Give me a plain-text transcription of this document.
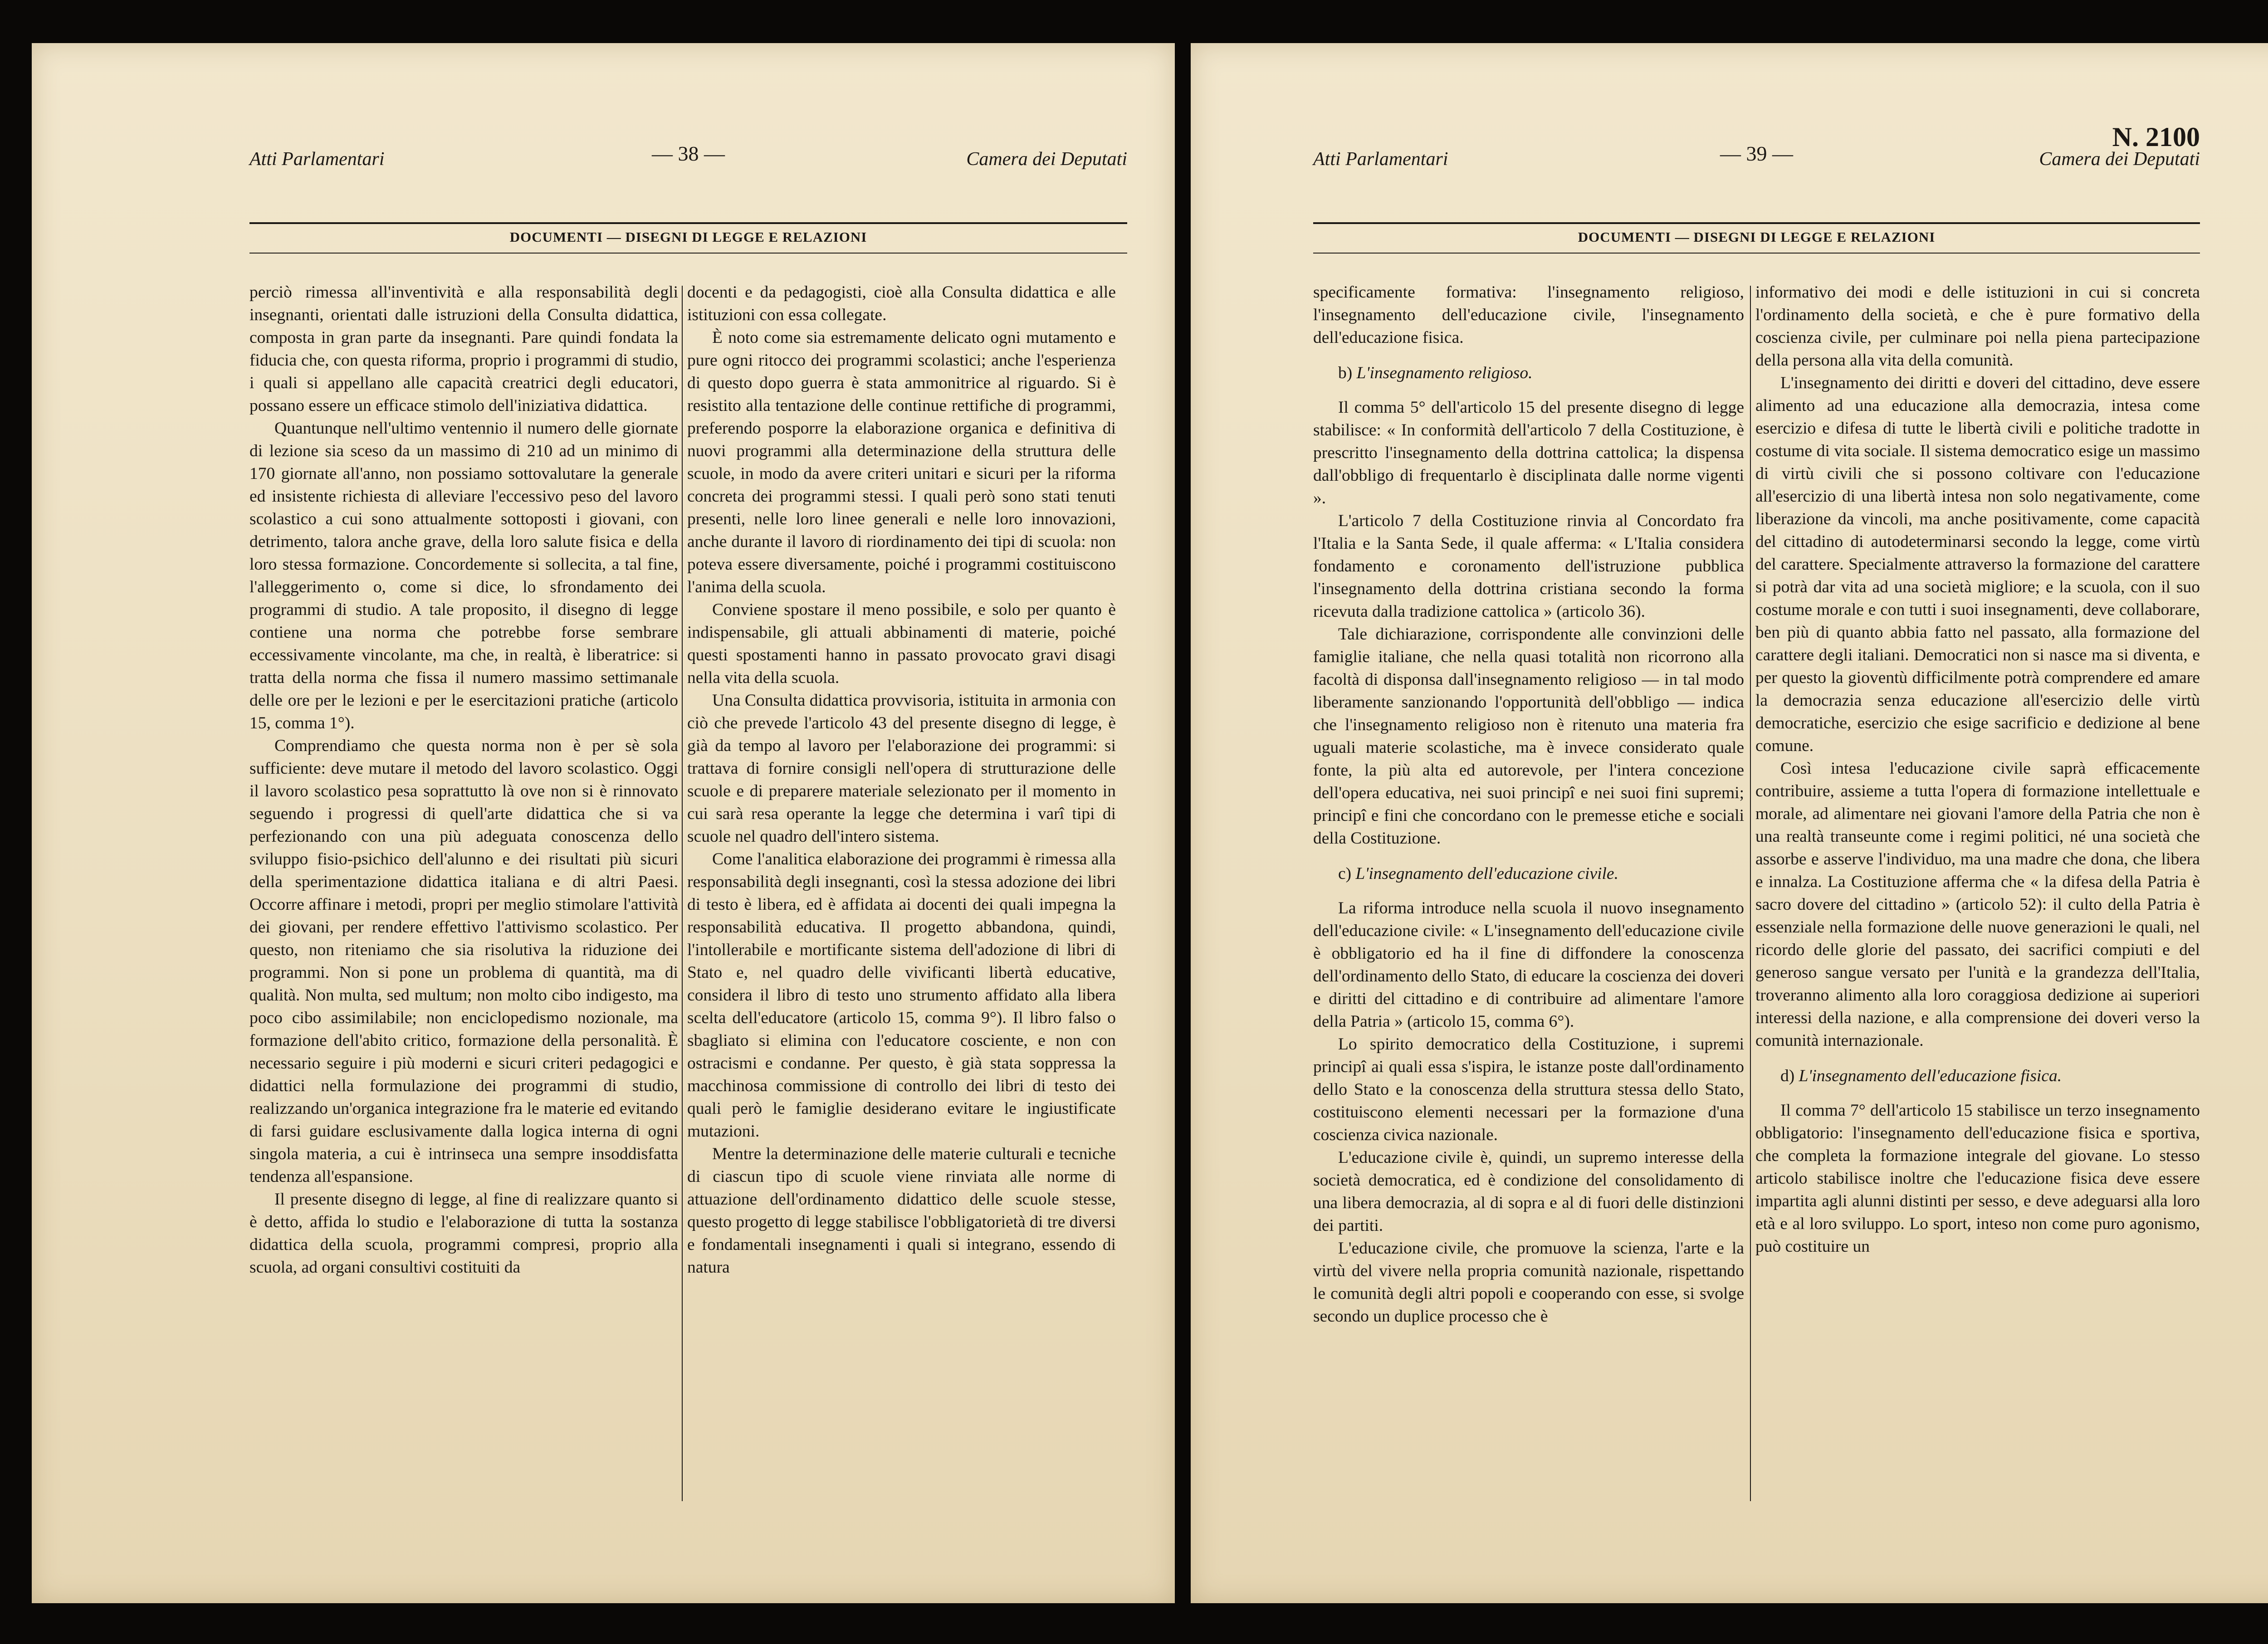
Atti Parlamentari	— 38 —	Camera dei Deputati
DOCUMENTI — DISEGNI DI LEGGE E RELAZIONI

perciò rimessa all'inventività e alla responsabilità degli insegnanti, orientati dalle istruzioni della Consulta didattica, composta in gran parte da insegnanti. Pare quindi fondata la fiducia che, con questa riforma, proprio i programmi di studio, i quali si appellano alle capacità creatrici degli educatori, possano essere un efficace stimolo dell'iniziativa didattica.

Quantunque nell'ultimo ventennio il numero delle giornate di lezione sia sceso da un massimo di 210 ad un minimo di 170 giornate all'anno, non possiamo sottovalutare la generale ed insistente richiesta di alleviare l'eccessivo peso del lavoro scolastico a cui sono attualmente sottoposti i giovani, con detrimento, talora anche grave, della loro salute fisica e della loro stessa formazione. Concordemente si sollecita, a tal fine, l'alleggerimento o, come si dice, lo sfrondamento dei programmi di studio. A tale proposito, il disegno di legge contiene una norma che potrebbe forse sembrare eccessivamente vincolante, ma che, in realtà, è liberatrice: si tratta della norma che fissa il numero massimo settimanale delle ore per le lezioni e per le esercitazioni pratiche (articolo 15, comma 1°).

Comprendiamo che questa norma non è per sè sola sufficiente: deve mutare il metodo del lavoro scolastico. Oggi il lavoro scolastico pesa soprattutto là ove non si è rinnovato seguendo i progressi di quell'arte didattica che si va perfezionando con una più adeguata conoscenza dello sviluppo fisio-psichico dell'alunno e dei risultati più sicuri della sperimentazione didattica italiana e di altri Paesi. Occorre affinare i metodi, propri per meglio stimolare l'attività dei giovani, per rendere effettivo l'attivismo scolastico. Per questo, non riteniamo che sia risolutiva la riduzione dei programmi. Non si pone un problema di quantità, ma di qualità. Non multa, sed multum; non molto cibo indigesto, ma poco cibo assimilabile; non enciclopedismo nozionale, ma formazione dell'abito critico, formazione della personalità. È necessario seguire i più moderni e sicuri criteri pedagogici e didattici nella formulazione dei programmi di studio, realizzando un'organica integrazione fra le materie ed evitando di farsi guidare esclusivamente dalla logica interna di ogni singola materia, a cui è intrinseca una sempre insoddisfatta tendenza all'espansione.

Il presente disegno di legge, al fine di realizzare quanto si è detto, affida lo studio e l'elaborazione di tutta la sostanza didattica della scuola, programmi compresi, proprio alla scuola, ad organi consultivi costituiti da

docenti e da pedagogisti, cioè alla Consulta didattica e alle istituzioni con essa collegate.

È noto come sia estremamente delicato ogni mutamento e pure ogni ritocco dei programmi scolastici; anche l'esperienza di questo dopo guerra è stata ammonitrice al riguardo. Si è resistito alla tentazione delle continue rettifiche di programmi, preferendo posporre la elaborazione organica e definitiva di nuovi programmi alla determinazione della struttura delle scuole, in modo da avere criteri unitari e sicuri per la riforma concreta dei programmi stessi. I quali però sono stati tenuti presenti, nelle loro linee generali e nelle loro innovazioni, anche durante il lavoro di riordinamento dei tipi di scuola: non poteva essere diversamente, poiché i programmi costituiscono l'anima della scuola.

Conviene spostare il meno possibile, e solo per quanto è indispensabile, gli attuali abbinamenti di materie, poiché questi spostamenti hanno in passato provocato gravi disagi nella vita della scuola.

Una Consulta didattica provvisoria, istituita in armonia con ciò che prevede l'articolo 43 del presente disegno di legge, è già da tempo al lavoro per l'elaborazione dei programmi: si trattava di fornire consigli nell'opera di strutturazione delle scuole e di preparere materiale selezionato per il momento in cui sarà resa operante la legge che determina i varî tipi di scuole nel quadro dell'intero sistema.

Come l'analitica elaborazione dei programmi è rimessa alla responsabilità degli insegnanti, così la stessa adozione dei libri di testo è libera, ed è affidata ai docenti dei quali impegna la responsabilità educativa. Il progetto abbandona, quindi, l'intollerabile e mortificante sistema dell'adozione di libri di Stato e, nel quadro delle vivificanti libertà educative, considera il libro di testo uno strumento affidato alla libera scelta dell'educatore (articolo 15, comma 9°). Il libro falso o sbagliato si elimina con l'educatore cosciente, e non con ostracismi e condanne. Per questo, è già stata soppressa la macchinosa commissione di controllo dei libri di testo dei quali però le famiglie desiderano evitare le ingiustificate mutazioni.

Mentre la determinazione delle materie culturali e tecniche di ciascun tipo di scuole viene rinviata alle norme di attuazione dell'ordinamento didattico delle scuole stesse, questo progetto di legge stabilisce l'obbligatorietà di tre diversi e fondamentali insegnamenti i quali si integrano, essendo di natura

N. 2100
Atti Parlamentari	— 39 —	Camera dei Deputati
DOCUMENTI — DISEGNI DI LEGGE E RELAZIONI

specificamente formativa: l'insegnamento religioso, l'insegnamento dell'educazione civile, l'insegnamento dell'educazione fisica.

b) L'insegnamento religioso.

Il comma 5° dell'articolo 15 del presente disegno di legge stabilisce: « In conformità dell'articolo 7 della Costituzione, è prescritto l'insegnamento della dottrina cattolica; la dispensa dall'obbligo di frequentarlo è disciplinata dalle norme vigenti ».

L'articolo 7 della Costituzione rinvia al Concordato fra l'Italia e la Santa Sede, il quale afferma: « L'Italia considera fondamento e coronamento dell'istruzione pubblica l'insegnamento della dottrina cristiana secondo la forma ricevuta dalla tradizione cattolica » (articolo 36).

Tale dichiarazione, corrispondente alle convinzioni delle famiglie italiane, che nella quasi totalità non ricorrono alla facoltà di disponsa dall'insegnamento religioso — in tal modo liberamente sanzionando l'opportunità dell'obbligo — indica che l'insegnamento religioso non è ritenuto una materia fra uguali materie scolastiche, ma è invece considerato quale fonte, la più alta ed autorevole, per l'intera concezione dell'opera educativa, nei suoi principî e nei suoi fini supremi; principî e fini che concordano con le premesse etiche e sociali della Costituzione.

c) L'insegnamento dell'educazione civile.

La riforma introduce nella scuola il nuovo insegnamento dell'educazione civile: « L'insegnamento dell'educazione civile è obbligatorio ed ha il fine di diffondere la conoscenza dell'ordinamento dello Stato, di educare la coscienza dei doveri e diritti del cittadino e di contribuire ad alimentare l'amore della Patria » (articolo 15, comma 6°).

Lo spirito democratico della Costituzione, i supremi principî ai quali essa s'ispira, le istanze poste dall'ordinamento dello Stato e la conoscenza della struttura stessa dello Stato, costituiscono elementi necessari per la formazione d'una coscienza civica nazionale.

L'educazione civile è, quindi, un supremo interesse della società democratica, ed è condizione del consolidamento di una libera democrazia, al di sopra e al di fuori delle distinzioni dei partiti.

L'educazione civile, che promuove la scienza, l'arte e la virtù del vivere nella propria comunità nazionale, rispettando le comunità degli altri popoli e cooperando con esse, si svolge secondo un duplice processo che è

informativo dei modi e delle istituzioni in cui si concreta l'ordinamento della società, e che è pure formativo della coscienza civile, per culminare poi nella piena partecipazione della persona alla vita della comunità.

L'insegnamento dei diritti e doveri del cittadino, deve essere alimento ad una educazione alla democrazia, intesa come esercizio e difesa di tutte le libertà civili e politiche tradotte in costume di vita sociale. Il sistema democratico esige un massimo di virtù civili che si possono coltivare con l'educazione all'esercizio di una libertà intesa non solo negativamente, come liberazione da vincoli, ma anche positivamente, come capacità del cittadino di autodeterminarsi secondo la legge, come virtù del carattere. Specialmente attraverso la formazione del carattere si potrà dar vita ad una società migliore; e la scuola, con il suo costume morale e con tutti i suoi insegnamenti, deve collaborare, ben più di quanto abbia fatto nel passato, alla formazione del carattere degli italiani. Democratici non si nasce ma si diventa, e per questo la gioventù difficilmente potrà comprendere ed amare la democrazia senza educazione all'esercizio delle virtù democratiche, esercizio che esige sacrificio e dedizione al bene comune.

Così intesa l'educazione civile saprà efficacemente contribuire, assieme a tutta l'opera di formazione intellettuale e morale, ad alimentare nei giovani l'amore della Patria che non è una realtà transeunte come i regimi politici, né una società che assorbe e asserve l'individuo, ma una madre che dona, che libera e innalza. La Costituzione afferma che « la difesa della Patria è sacro dovere del cittadino » (articolo 52): il culto della Patria è essenziale nella formazione delle nuove generazioni le quali, nel ricordo delle glorie del passato, dei sacrifici compiuti e del generoso sangue versato per l'unità e la grandezza dell'Italia, troveranno alimento alla loro coraggiosa dedizione ai superiori interessi della nazione, e alla comprensione dei doveri verso la comunità internazionale.

d) L'insegnamento dell'educazione fisica.

Il comma 7° dell'articolo 15 stabilisce un terzo insegnamento obbligatorio: l'insegnamento dell'educazione fisica e sportiva, che completa la formazione integrale del giovane. Lo stesso articolo stabilisce inoltre che l'educazione fisica deve essere impartita agli alunni distinti per sesso, e deve adeguarsi alla loro età e al loro sviluppo. Lo sport, inteso non come puro agonismo, può costituire un
